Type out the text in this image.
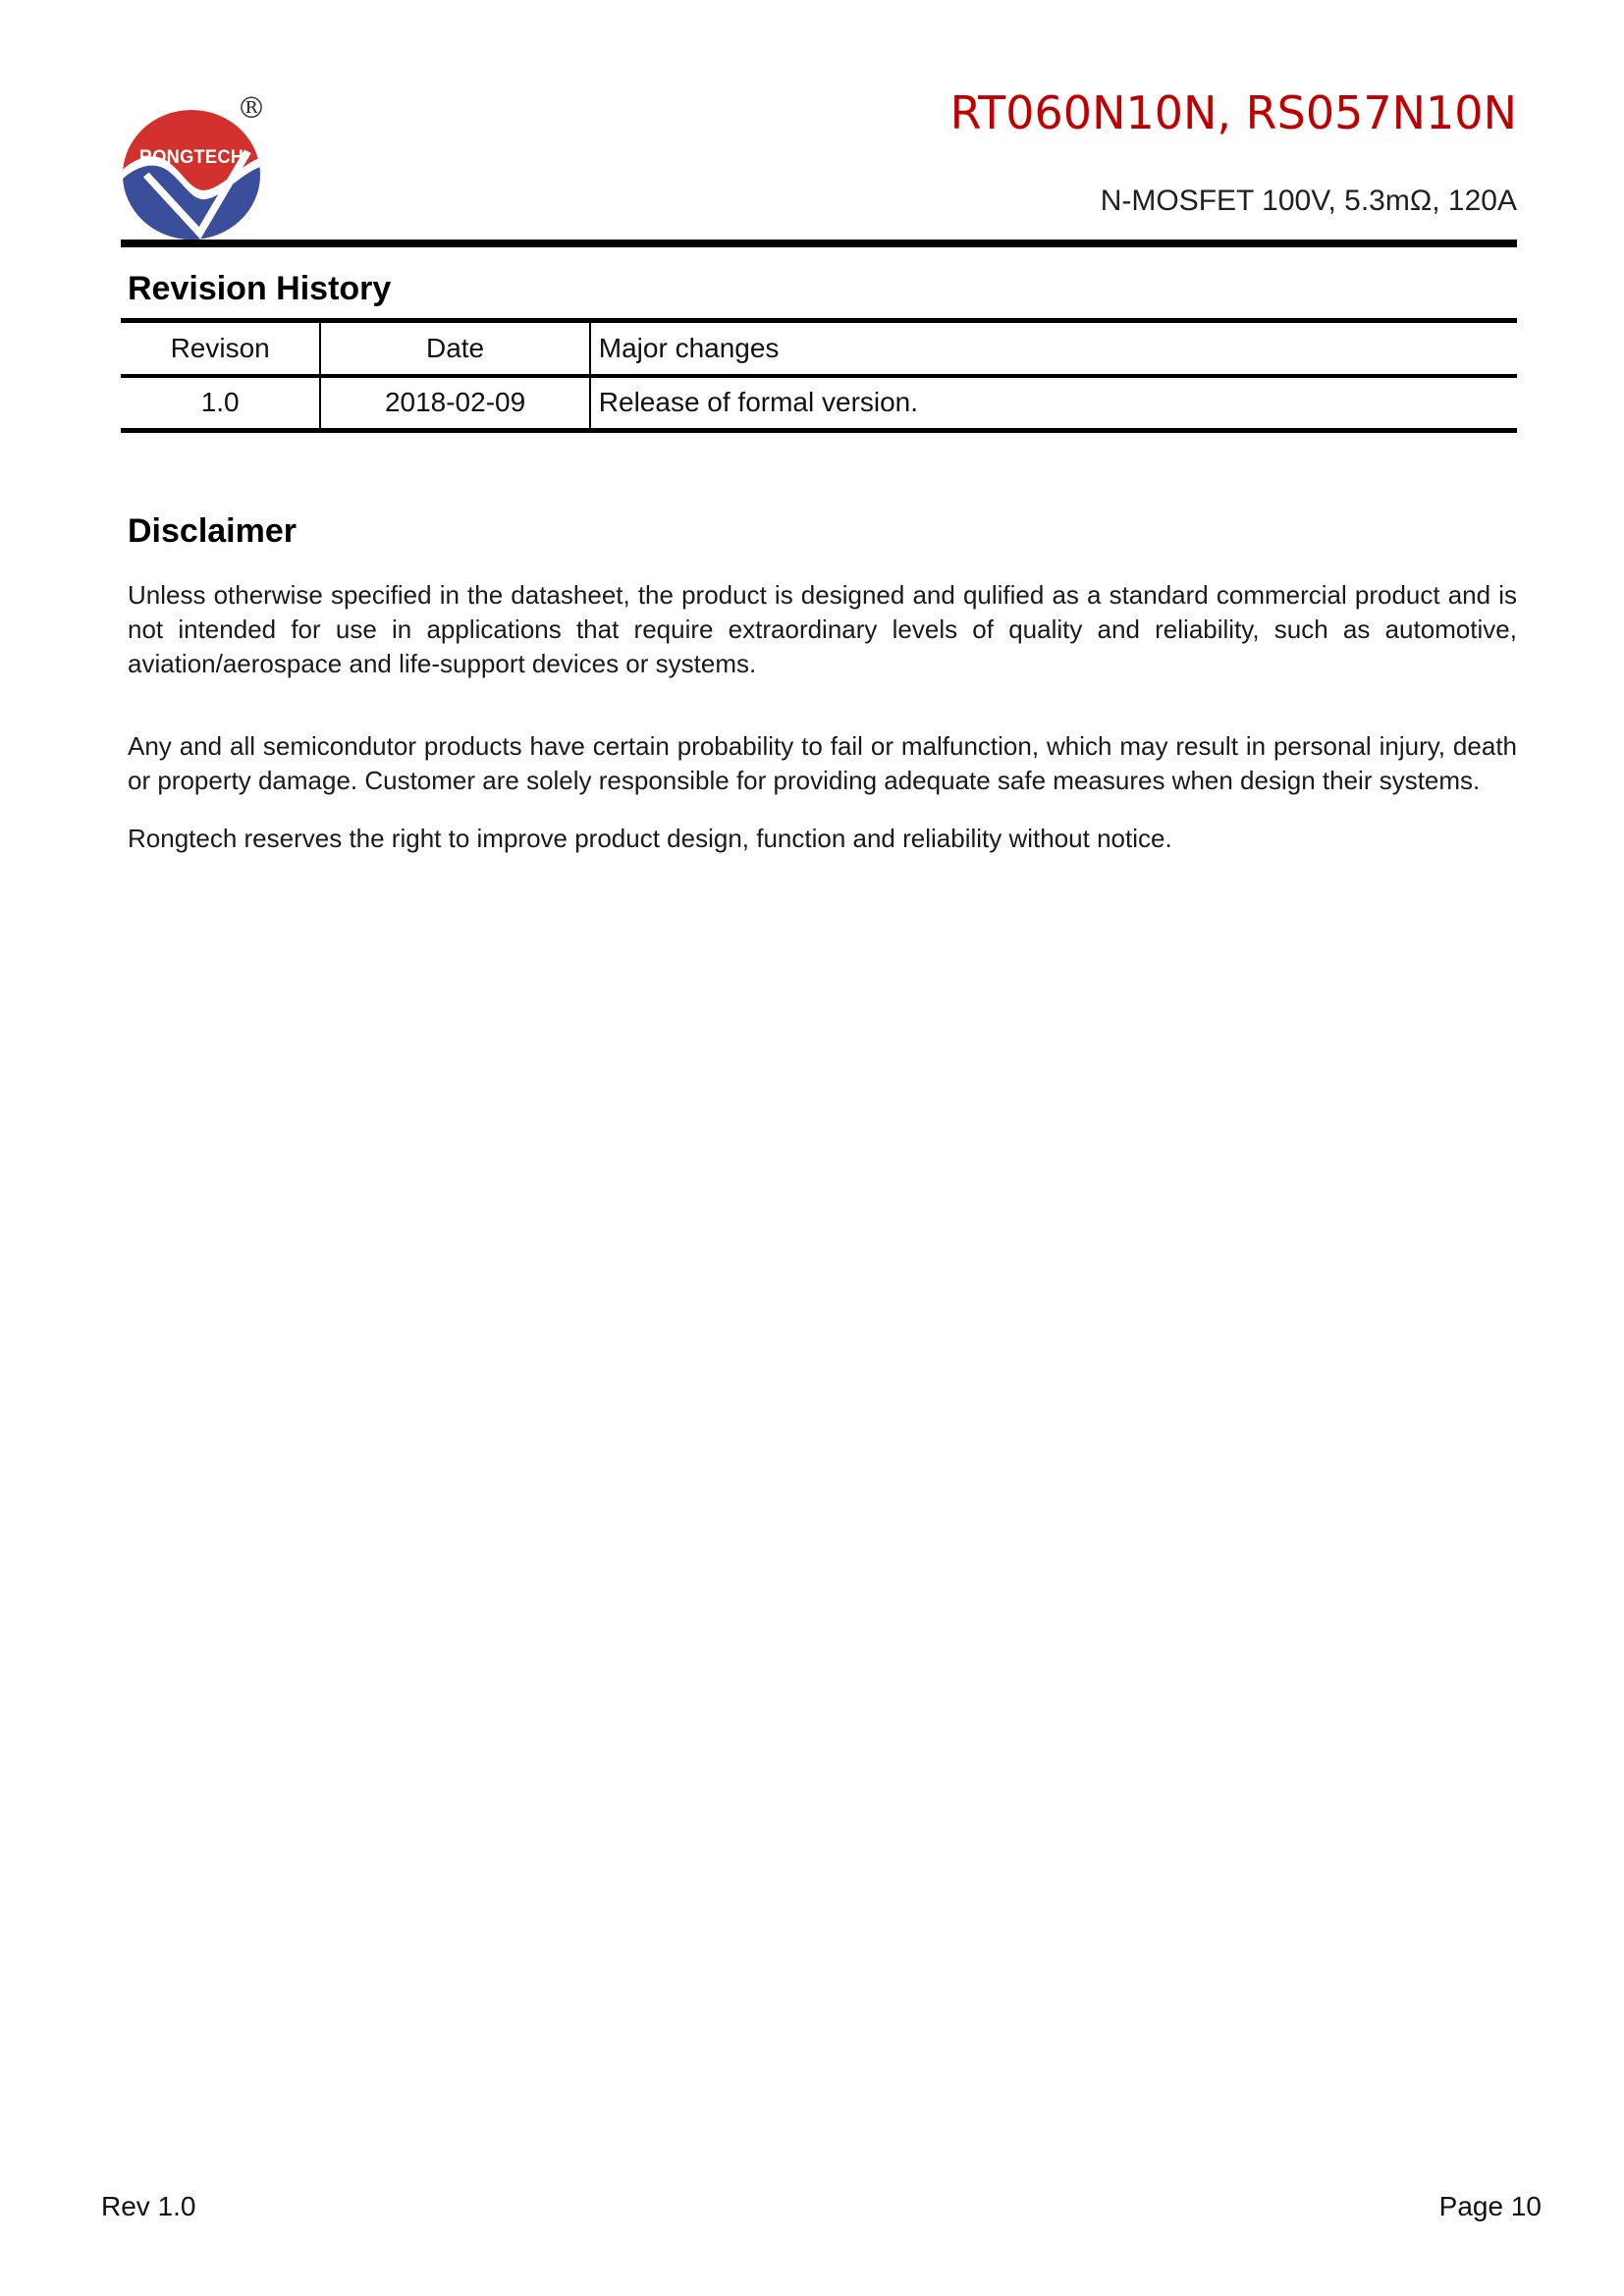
RONGTECH
®	RT060N10N, RS057N10N
N-MOSFET 100V, 5.3mΩ, 120A
Revision History
Revison	Date	Major changes
1.0	2018-02-09	Release of formal version.
Disclaimer

Unless otherwise specified in the datasheet, the product is designed and qulified as a standard commercial product and is not intended for use in applications that require extraordinary levels of quality and reliability, such as automotive, aviation/aerospace and life-support devices or systems.

Any and all semicondutor products have certain probability to fail or malfunction, which may result in personal injury, death or property damage. Customer are solely responsible for providing adequate safe measures when design their systems.

Rongtech reserves the right to improve product design, function and reliability without notice.

Rev 1.0	Page 10
